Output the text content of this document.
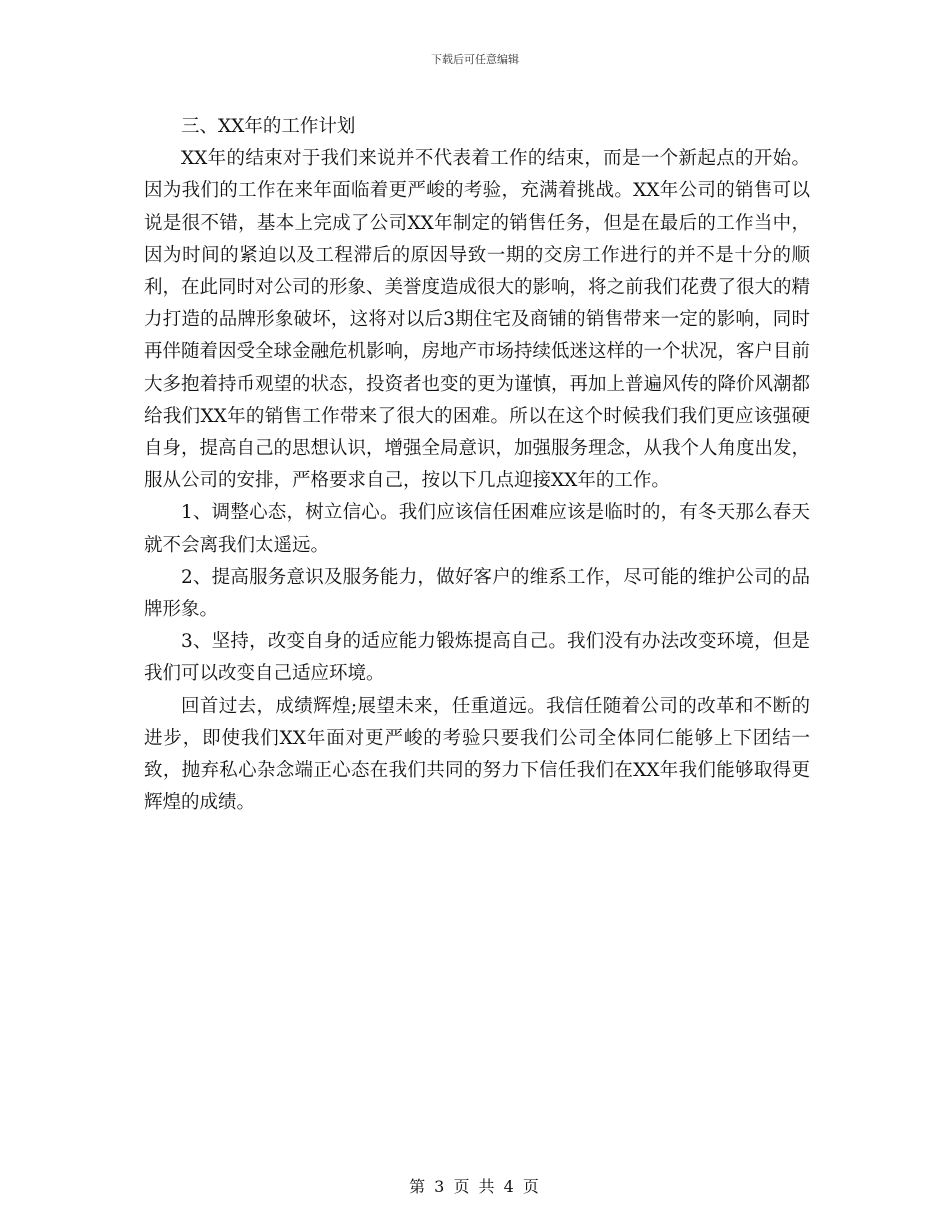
下载后可任意编辑

三、XX年的工作计划

XX年的结束对于我们来说并不代表着工作的结束，而是一个新起点的开始。因为我们的工作在来年面临着更严峻的考验，充满着挑战。XX年公司的销售可以说是很不错，基本上完成了公司XX年制定的销售任务，但是在最后的工作当中，因为时间的紧迫以及工程滞后的原因导致一期的交房工作进行的并不是十分的顺利，在此同时对公司的形象、美誉度造成很大的影响，将之前我们花费了很大的精力打造的品牌形象破坏，这将对以后3期住宅及商铺的销售带来一定的影响，同时再伴随着因受全球金融危机影响，房地产市场持续低迷这样的一个状况，客户目前大多抱着持币观望的状态，投资者也变的更为谨慎，再加上普遍风传的降价风潮都给我们XX年的销售工作带来了很大的困难。所以在这个时候我们我们更应该强硬自身，提高自己的思想认识，增强全局意识，加强服务理念，从我个人角度出发，服从公司的安排，严格要求自己，按以下几点迎接XX年的工作。

1、调整心态，树立信心。我们应该信任困难应该是临时的，有冬天那么春天就不会离我们太遥远。

2、提高服务意识及服务能力，做好客户的维系工作，尽可能的维护公司的品牌形象。

3、坚持，改变自身的适应能力锻炼提高自己。我们没有办法改变环境，但是我们可以改变自己适应环境。

回首过去，成绩辉煌;展望未来，任重道远。我信任随着公司的改革和不断的进步，即使我们XX年面对更严峻的考验只要我们公司全体同仁能够上下团结一致，抛弃私心杂念端正心态在我们共同的努力下信任我们在XX年我们能够取得更辉煌的成绩。

第 3 页 共 4 页
